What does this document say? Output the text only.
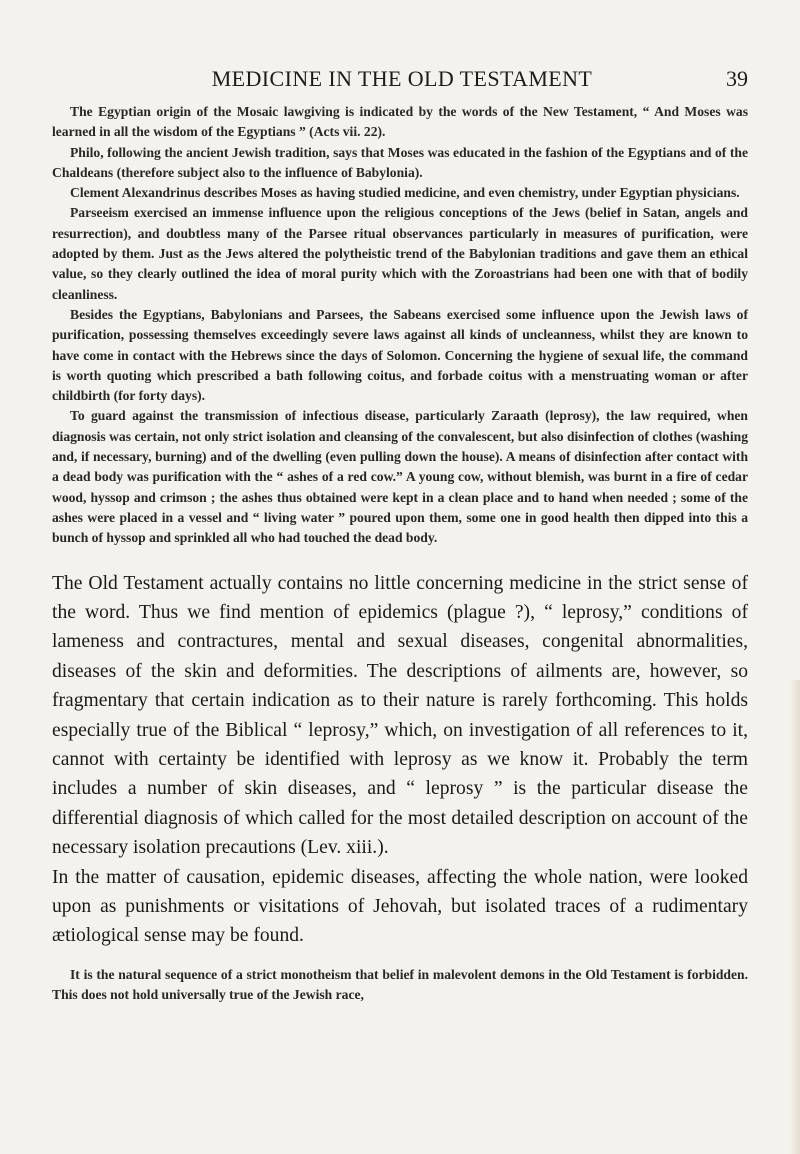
MEDICINE IN THE OLD TESTAMENT	39

The Egyptian origin of the Mosaic lawgiving is indicated by the words of the New Testament, “ And Moses was learned in all the wisdom of the Egyptians ” (Acts vii. 22).

Philo, following the ancient Jewish tradition, says that Moses was educated in the fashion of the Egyptians and of the Chaldeans (therefore subject also to the influence of Babylonia).

Clement Alexandrinus describes Moses as having studied medicine, and even chemistry, under Egyptian physicians.

Parseeism exercised an immense influence upon the religious conceptions of the Jews (belief in Satan, angels and resurrection), and doubtless many of the Parsee ritual observances particularly in measures of purification, were adopted by them. Just as the Jews altered the polytheistic trend of the Babylonian traditions and gave them an ethical value, so they clearly outlined the idea of moral purity which with the Zoroastrians had been one with that of bodily cleanliness.

Besides the Egyptians, Babylonians and Parsees, the Sabeans exercised some influence upon the Jewish laws of purification, possessing themselves exceedingly severe laws against all kinds of uncleanness, whilst they are known to have come in contact with the Hebrews since the days of Solomon. Concerning the hygiene of sexual life, the command is worth quoting which prescribed a bath following coitus, and forbade coitus with a menstruating woman or after childbirth (for forty days).

To guard against the transmission of infectious disease, particularly Zaraath (leprosy), the law required, when diagnosis was certain, not only strict isolation and cleansing of the convalescent, but also disinfection of clothes (washing and, if necessary, burning) and of the dwelling (even pulling down the house). A means of disinfection after contact with a dead body was purification with the “ ashes of a red cow.” A young cow, without blemish, was burnt in a fire of cedar wood, hyssop and crimson ; the ashes thus obtained were kept in a clean place and to hand when needed ; some of the ashes were placed in a vessel and “ living water ” poured upon them, some one in good health then dipped into this a bunch of hyssop and sprinkled all who had touched the dead body.

The Old Testament actually contains no little concerning medicine in the strict sense of the word. Thus we find mention of epidemics (plague ?), “ leprosy,” conditions of lameness and contractures, mental and sexual diseases, congenital abnormalities, diseases of the skin and deformities. The descriptions of ailments are, however, so fragmentary that certain indication as to their nature is rarely forthcoming. This holds especially true of the Biblical “ leprosy,” which, on investigation of all references to it, cannot with certainty be identified with leprosy as we know it. Probably the term includes a number of skin diseases, and “ leprosy ” is the particular disease the differential diagnosis of which called for the most detailed description on account of the necessary isolation precautions (Lev. xiii.).

In the matter of causation, epidemic diseases, affecting the whole nation, were looked upon as punishments or visitations of Jehovah, but isolated traces of a rudimentary ætiological sense may be found.

It is the natural sequence of a strict monotheism that belief in malevolent demons in the Old Testament is forbidden. This does not hold universally true of the Jewish race,
